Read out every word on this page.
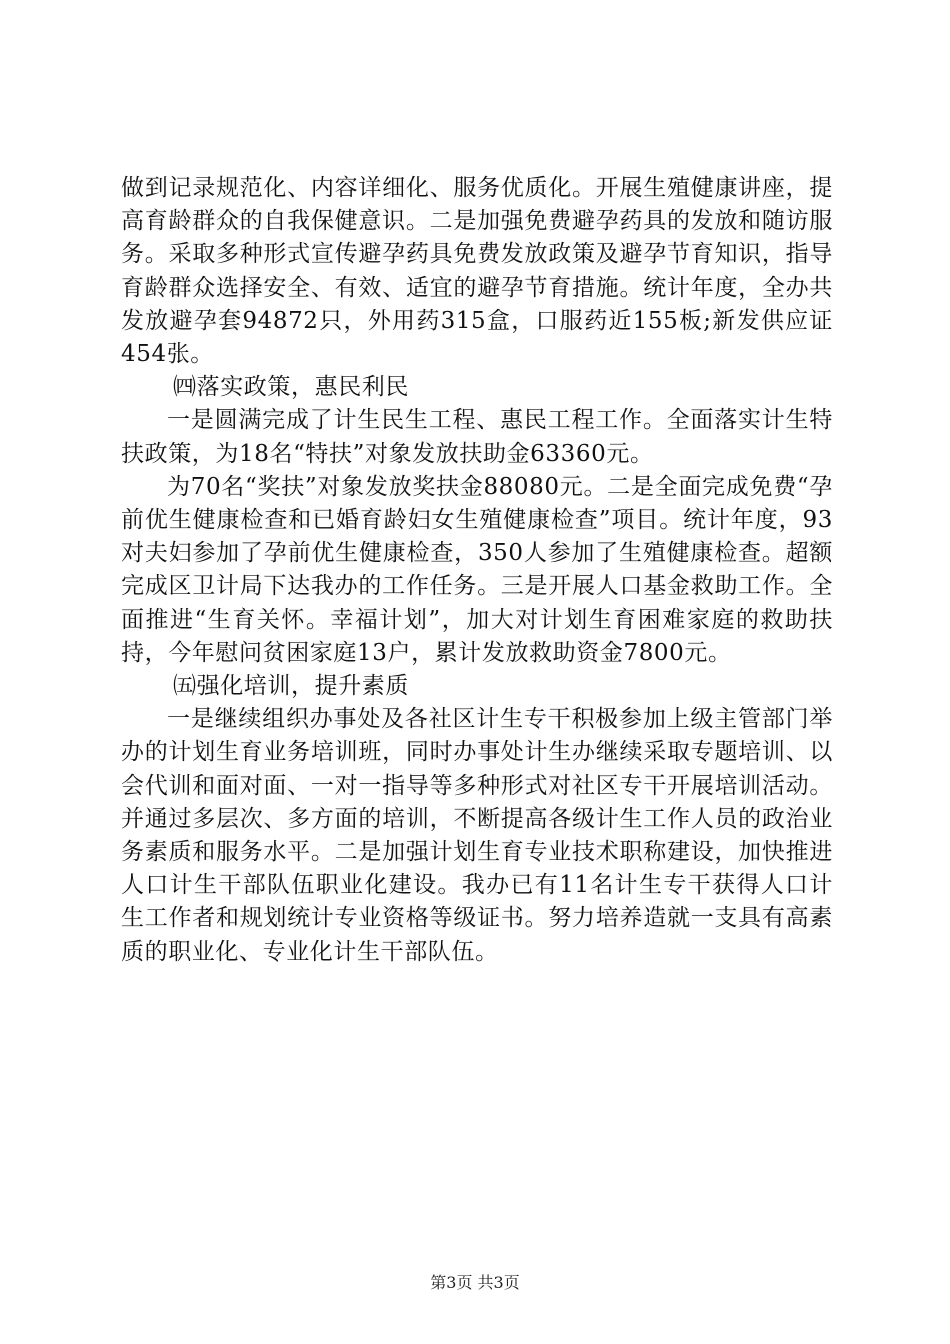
做到记录规范化、内容详细化、服务优质化。开展生殖健康讲座，提高育龄群众的自我保健意识。二是加强免费避孕药具的发放和随访服务。采取多种形式宣传避孕药具免费发放政策及避孕节育知识，指导育龄群众选择安全、有效、适宜的避孕节育措施。统计年度，全办共发放避孕套94872只，外用药315盒，口服药近155板;新发供应证454张。

㈣落实政策，惠民利民

一是圆满完成了计生民生工程、惠民工程工作。全面落实计生特扶政策，为18名“特扶”对象发放扶助金63360元。

为70名“奖扶”对象发放奖扶金88080元。二是全面完成免费“孕前优生健康检查和已婚育龄妇女生殖健康检查”项目。统计年度，93对夫妇参加了孕前优生健康检查，350人参加了生殖健康检查。超额完成区卫计局下达我办的工作任务。三是开展人口基金救助工作。全面推进“生育关怀。幸福计划”，加大对计划生育困难家庭的救助扶持，今年慰问贫困家庭13户，累计发放救助资金7800元。

㈤强化培训，提升素质

一是继续组织办事处及各社区计生专干积极参加上级主管部门举办的计划生育业务培训班，同时办事处计生办继续采取专题培训、以会代训和面对面、一对一指导等多种形式对社区专干开展培训活动。并通过多层次、多方面的培训，不断提高各级计生工作人员的政治业务素质和服务水平。二是加强计划生育专业技术职称建设，加快推进人口计生干部队伍职业化建设。我办已有11名计生专干获得人口计生工作者和规划统计专业资格等级证书。努力培养造就一支具有高素质的职业化、专业化计生干部队伍。

第3页 共3页
